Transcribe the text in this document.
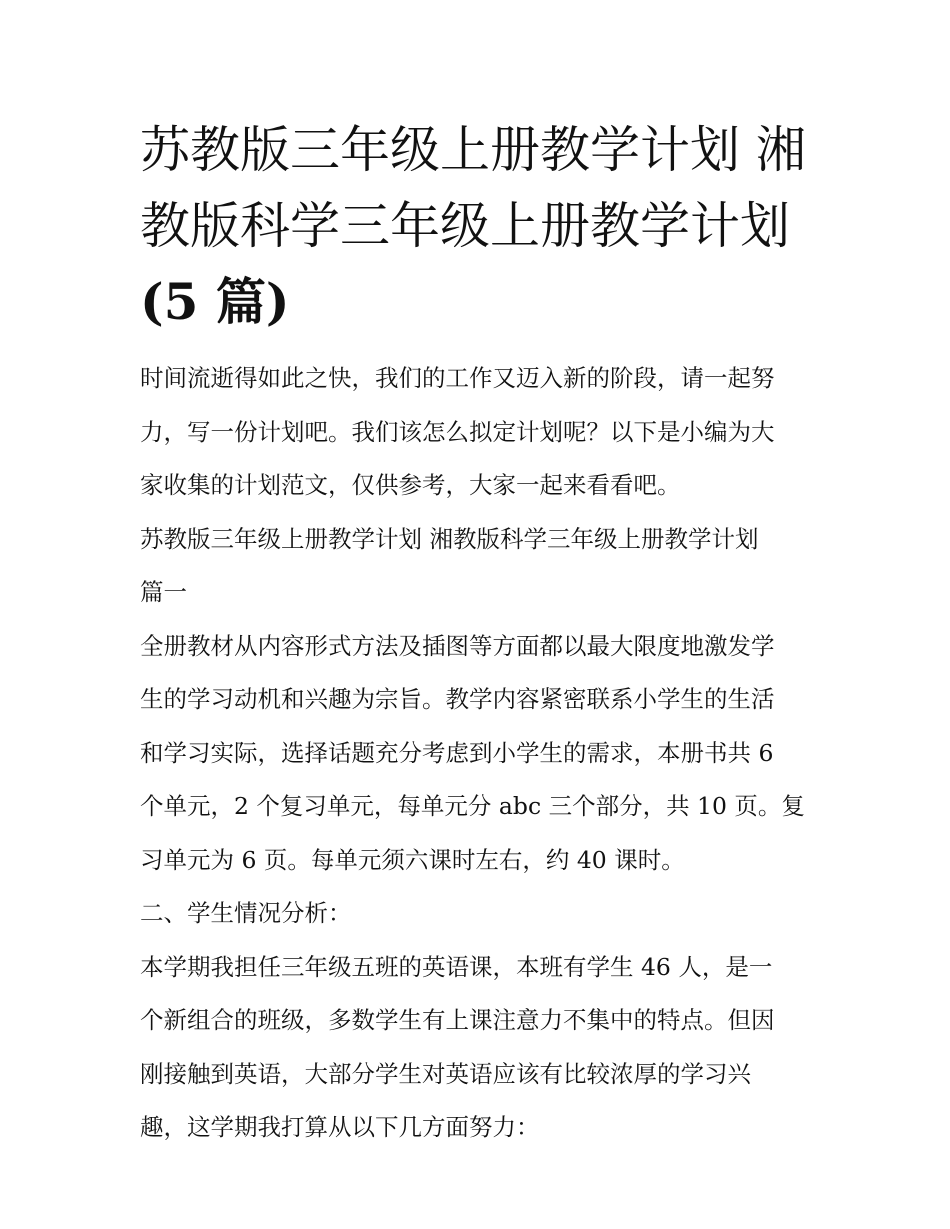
苏教版三年级上册教学计划 湘
教版科学三年级上册教学计划
(5 篇)
时间流逝得如此之快，我们的工作又迈入新的阶段，请一起努
力，写一份计划吧。我们该怎么拟定计划呢？以下是小编为大
家收集的计划范文，仅供参考，大家一起来看看吧。
苏教版三年级上册教学计划 湘教版科学三年级上册教学计划
篇一
全册教材从内容形式方法及插图等方面都以最大限度地激发学
生的学习动机和兴趣为宗旨。教学内容紧密联系小学生的生活
和学习实际，选择话题充分考虑到小学生的需求，本册书共 6
个单元，2 个复习单元，每单元分 abc 三个部分，共 10 页。复
习单元为 6 页。每单元须六课时左右，约 40 课时。
二、学生情况分析：
本学期我担任三年级五班的英语课，本班有学生 46 人，是一
个新组合的班级，多数学生有上课注意力不集中的特点。但因
刚接触到英语，大部分学生对英语应该有比较浓厚的学习兴
趣，这学期我打算从以下几方面努力：
